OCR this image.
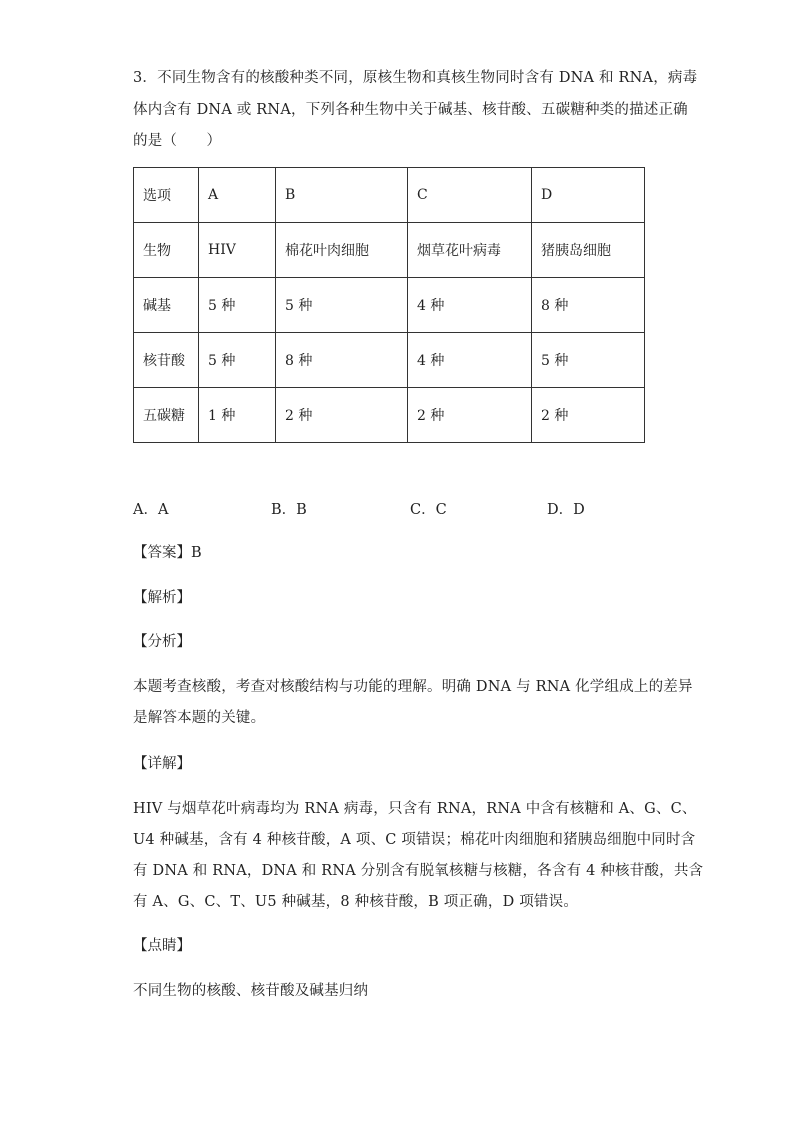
3．不同生物含有的核酸种类不同，原核生物和真核生物同时含有 DNA 和 RNA，病毒
体内含有 DNA 或 RNA，下列各种生物中关于碱基、核苷酸、五碳糖种类的描述正确
的是（　　）
选项	A	B	C	D
生物	HIV	棉花叶肉细胞	烟草花叶病毒	猪胰岛细胞
碱基	5 种	5 种	4 种	8 种
核苷酸	5 种	8 种	4 种	5 种
五碳糖	1 种	2 种	2 种	2 种
A．A	B．B	C．C	D．D
【答案】B
【解析】
【分析】
本题考查核酸，考查对核酸结构与功能的理解。明确 DNA 与 RNA 化学组成上的差异
是解答本题的关键。
【详解】
HIV 与烟草花叶病毒均为 RNA 病毒，只含有 RNA，RNA 中含有核糖和 A、G、C、
U4 种碱基，含有 4 种核苷酸，A 项、C 项错误；棉花叶肉细胞和猪胰岛细胞中同时含
有 DNA 和 RNA，DNA 和 RNA 分别含有脱氧核糖与核糖，各含有 4 种核苷酸，共含
有 A、G、C、T、U5 种碱基，8 种核苷酸，B 项正确，D 项错误。
【点睛】
不同生物的核酸、核苷酸及碱基归纳
